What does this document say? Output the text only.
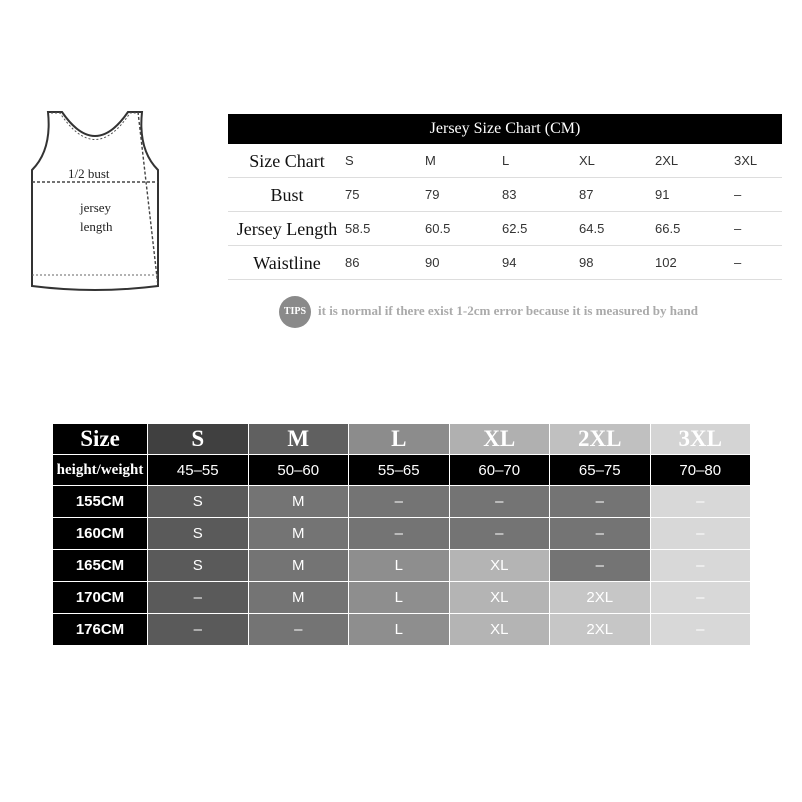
1/2 bust
jersey
length
Jersey Size Chart (CM)
Size Chart	S	M	L	XL	2XL	3XL
Bust	75	79	83	87	91	–
Jersey Length 58.5	60.5	62.5	64.5	66.5	–
Waistline	86	90	94	98	102	–
TIPS it is normal if there exist 1-2cm error because it is measured by hand
Size	S	M	L	XL	2XL	3XL
height/weight	45–55	50–60	55–65	60–70	65–75	70–80
155CM	S	M	–	–	–	–
160CM	S	M	–	–	–	–
165CM	S	M	L	XL	–	–
170CM	–	M	L	XL	2XL	–
176CM	–	–	L	XL	2XL	–
